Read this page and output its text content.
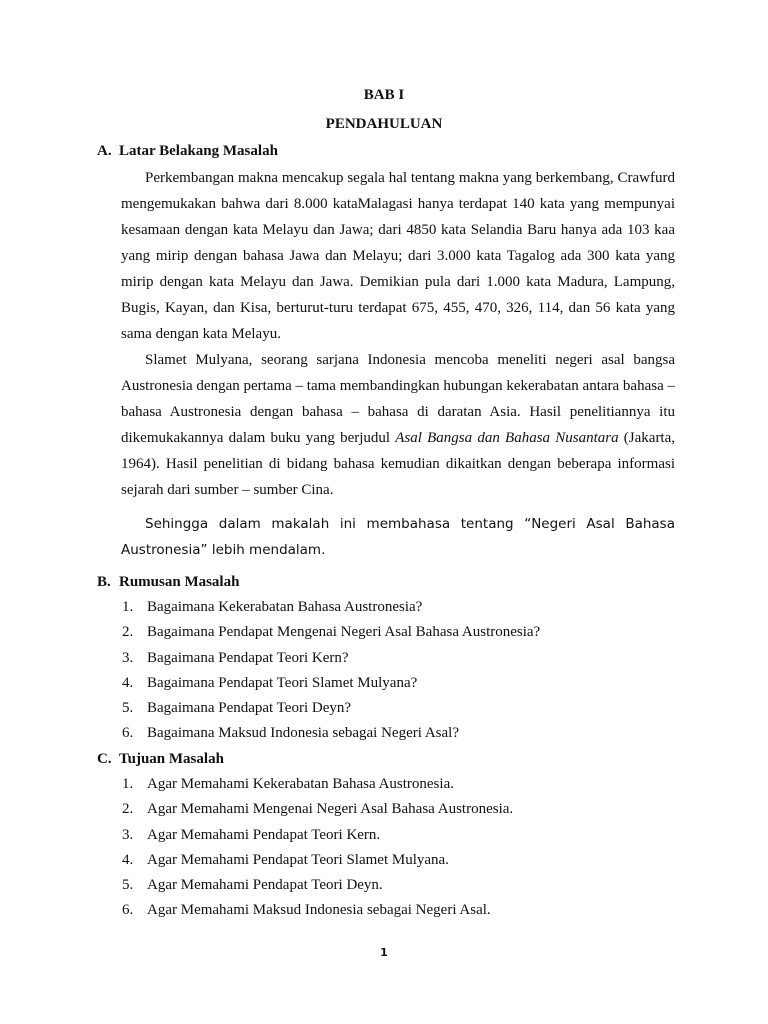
BAB I
PENDAHULUAN
A. Latar Belakang Masalah

Perkembangan makna mencakup segala hal tentang makna yang berkembang, Crawfurd mengemukakan bahwa dari 8.000 kataMalagasi hanya terdapat 140 kata yang mempunyai kesamaan dengan kata Melayu dan Jawa; dari 4850 kata Selandia Baru hanya ada 103 kaa yang mirip dengan bahasa Jawa dan Melayu; dari 3.000 kata Tagalog ada 300 kata yang mirip dengan kata Melayu dan Jawa. Demikian pula dari 1.000 kata Madura, Lampung, Bugis, Kayan, dan Kisa, berturut-turu terdapat 675, 455, 470, 326, 114, dan 56 kata yang sama dengan kata Melayu.

Slamet Mulyana, seorang sarjana Indonesia mencoba meneliti negeri asal bangsa Austronesia dengan pertama – tama membandingkan hubungan kekerabatan antara bahasa – bahasa Austronesia dengan bahasa – bahasa di daratan Asia. Hasil penelitiannya itu dikemukakannya dalam buku yang berjudul Asal Bangsa dan Bahasa Nusantara (Jakarta, 1964). Hasil penelitian di bidang bahasa kemudian dikaitkan dengan beberapa informasi sejarah dari sumber – sumber Cina.

Sehingga dalam makalah ini membahasa tentang “Negeri Asal Bahasa Austronesia” lebih mendalam.

B. Rumusan Masalah
1. Bagaimana Kekerabatan Bahasa Austronesia?
2. Bagaimana Pendapat Mengenai Negeri Asal Bahasa Austronesia?
3. Bagaimana Pendapat Teori Kern?
4. Bagaimana Pendapat Teori Slamet Mulyana?
5. Bagaimana Pendapat Teori Deyn?
6. Bagaimana Maksud Indonesia sebagai Negeri Asal?
C. Tujuan Masalah
1. Agar Memahami Kekerabatan Bahasa Austronesia.
2. Agar Memahami Mengenai Negeri Asal Bahasa Austronesia.
3. Agar Memahami Pendapat Teori Kern.
4. Agar Memahami Pendapat Teori Slamet Mulyana.
5. Agar Memahami Pendapat Teori Deyn.
6. Agar Memahami Maksud Indonesia sebagai Negeri Asal.
1
